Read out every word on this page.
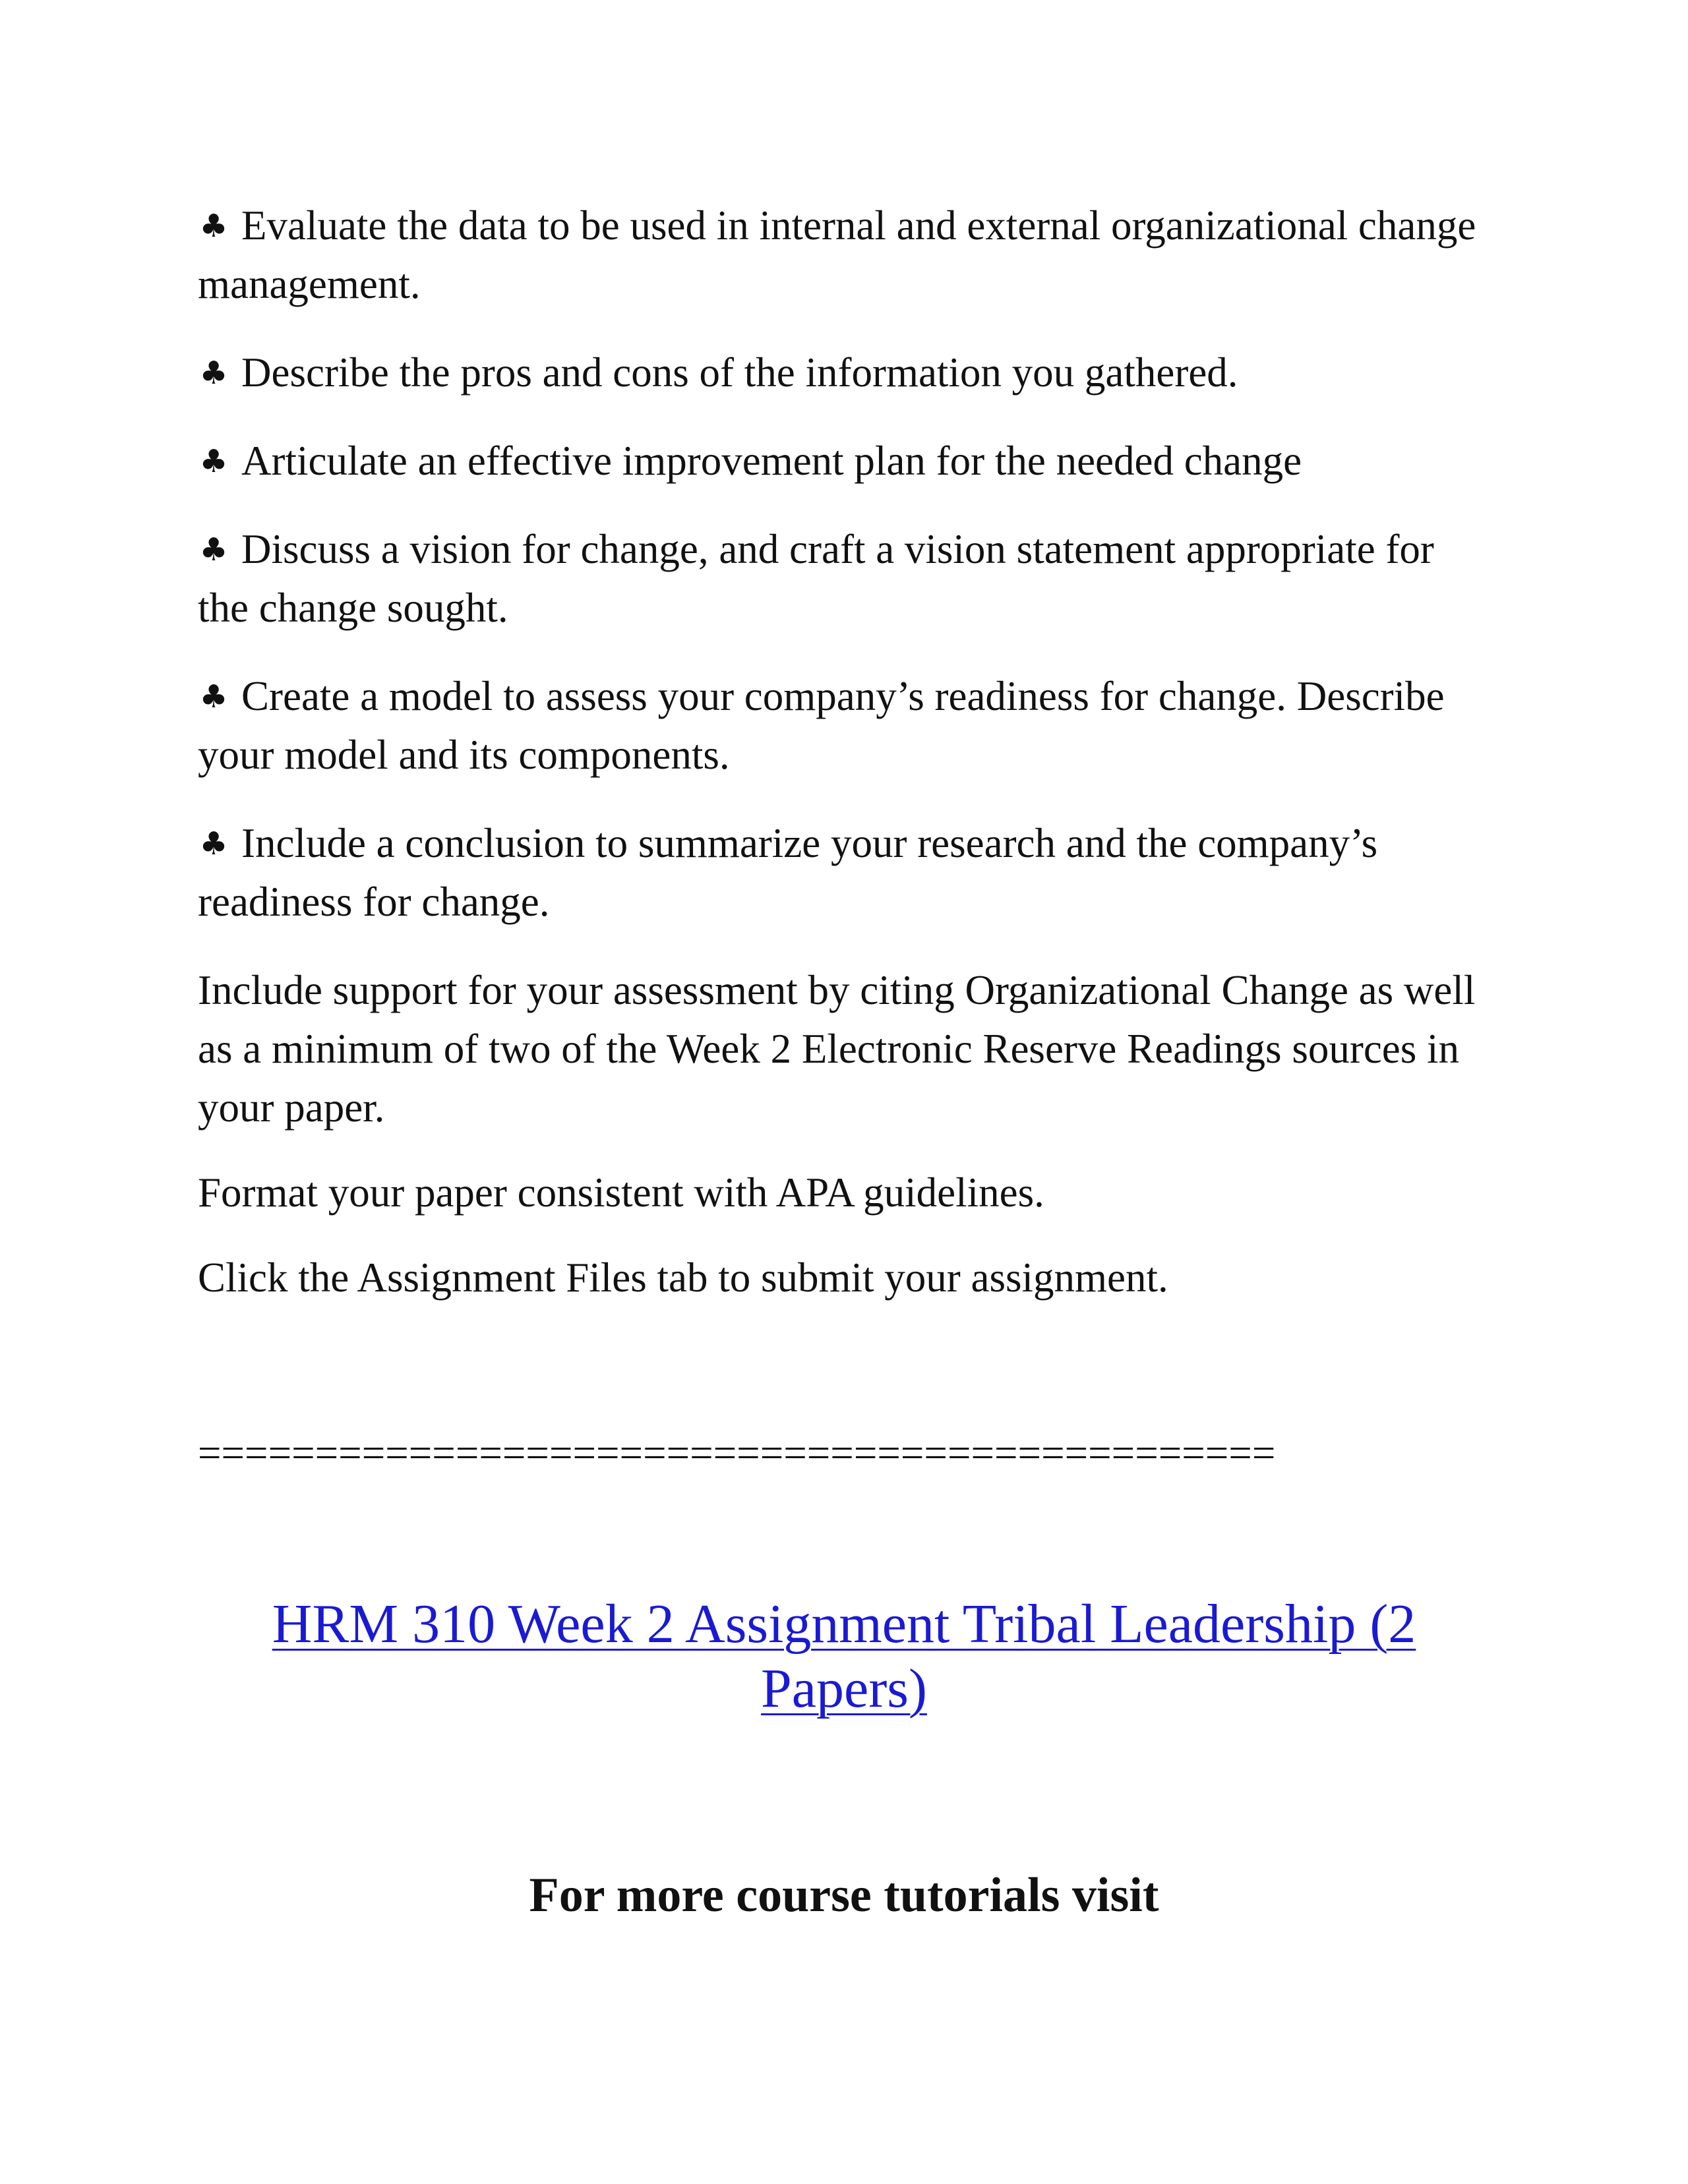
♣ Evaluate the data to be used in internal and external organizational change management.

♣ Describe the pros and cons of the information you gathered.

♣ Articulate an effective improvement plan for the needed change

♣ Discuss a vision for change, and craft a vision statement appropriate for the change sought.

♣ Create a model to assess your company’s readiness for change. Describe your model and its components.

♣ Include a conclusion to summarize your research and the company’s readiness for change.

Include support for your assessment by citing Organizational Change as well as a minimum of two of the Week 2 Electronic Reserve Readings sources in your paper.

Format your paper consistent with APA guidelines.

Click the Assignment Files tab to submit your assignment.

==============================================
HRM 310 Week 2 Assignment Tribal Leadership (2 Papers)
For more course tutorials visit
